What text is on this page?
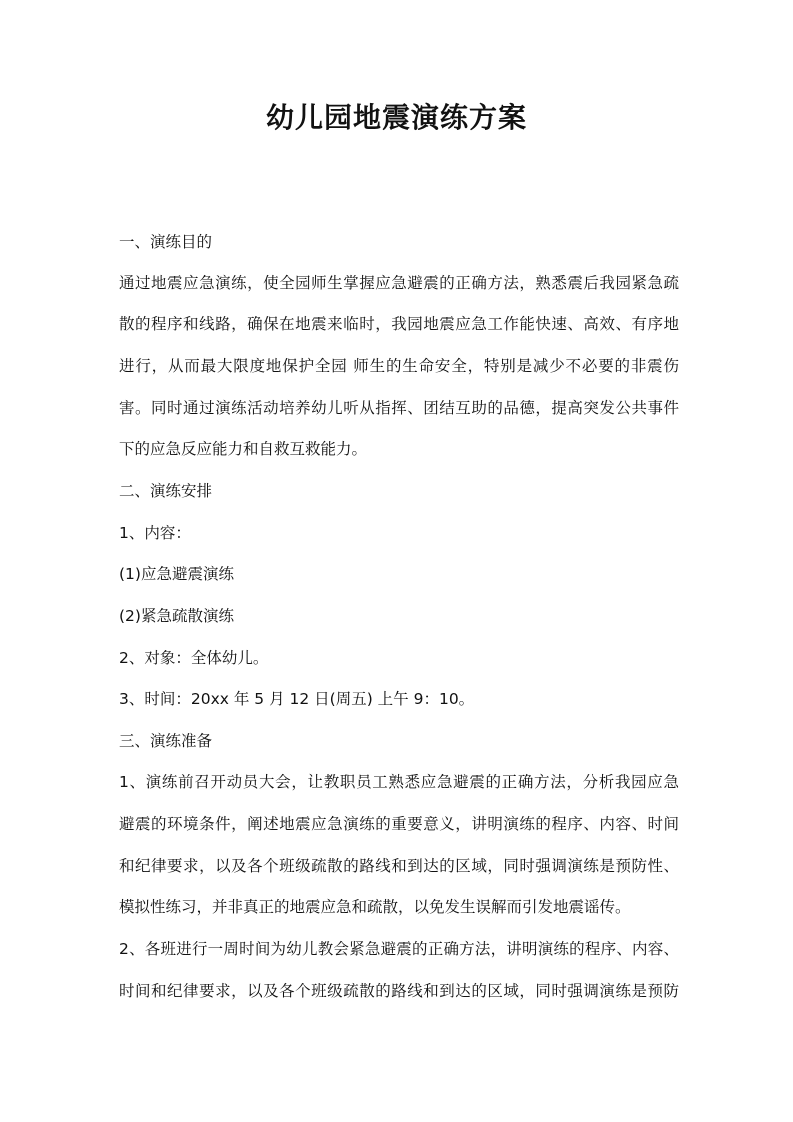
幼儿园地震演练方案

一、演练目的

通过地震应急演练，使全园师生掌握应急避震的正确方法，熟悉震后我园紧急疏

散的程序和线路，确保在地震来临时，我园地震应急工作能快速、高效、有序地

进行，从而最大限度地保护全园 师生的生命安全，特别是减少不必要的非震伤

害。同时通过演练活动培养幼儿听从指挥、团结互助的品德，提高突发公共事件

下的应急反应能力和自救互救能力。

二、演练安排

1、内容：

(1)应急避震演练

(2)紧急疏散演练

2、对象：全体幼儿。

3、时间：20xx 年 5 月 12 日(周五) 上午 9：10。

三、演练准备

1、演练前召开动员大会，让教职员工熟悉应急避震的正确方法，分析我园应急

避震的环境条件，阐述地震应急演练的重要意义，讲明演练的程序、内容、时间

和纪律要求，以及各个班级疏散的路线和到达的区域，同时强调演练是预防性、

模拟性练习，并非真正的地震应急和疏散，以免发生误解而引发地震谣传。

2、各班进行一周时间为幼儿教会紧急避震的正确方法，讲明演练的程序、内容、

时间和纪律要求，以及各个班级疏散的路线和到达的区域，同时强调演练是预防
